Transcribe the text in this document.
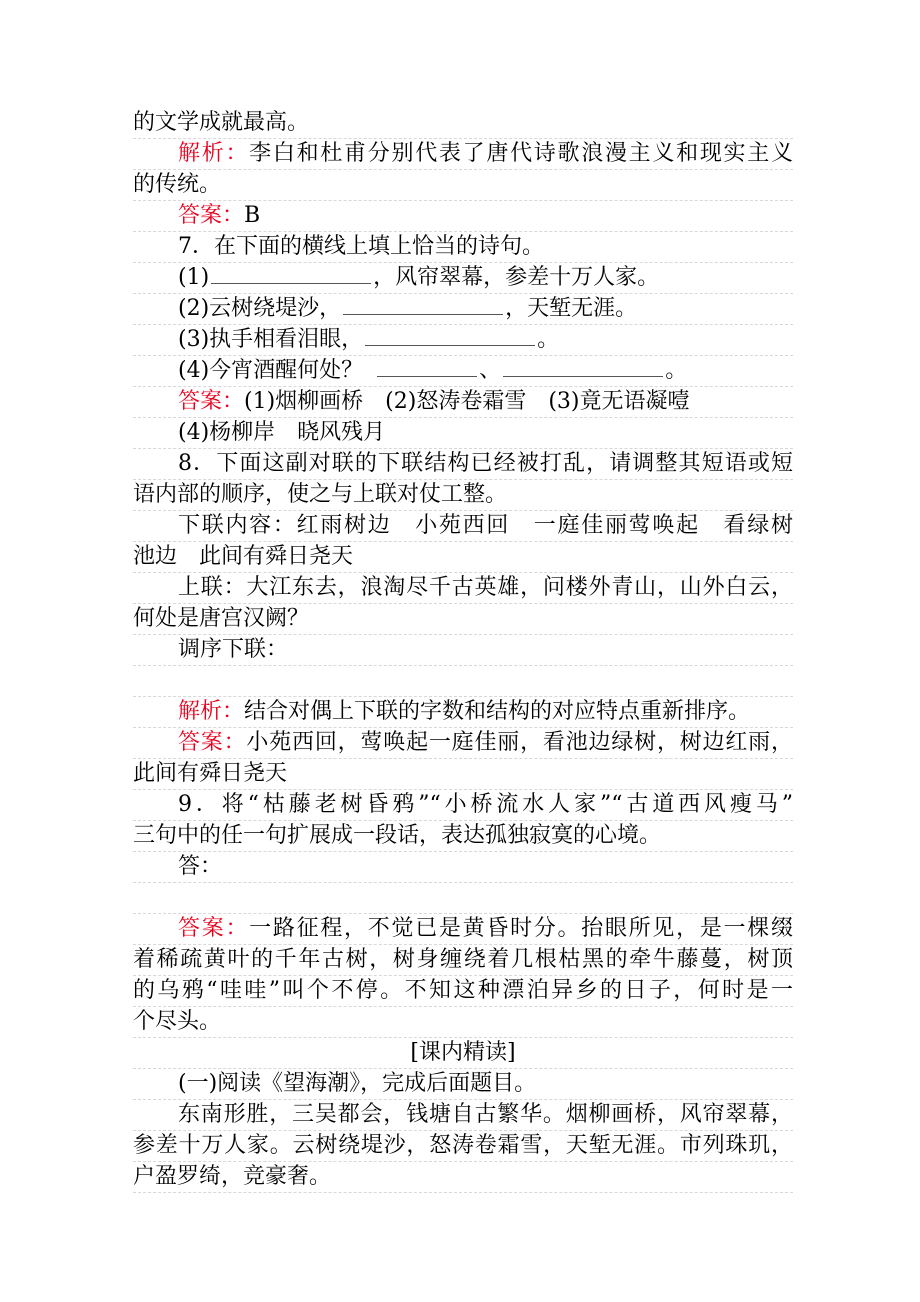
的文学成就最高。
解析：李白和杜甫分别代表了唐代诗歌浪漫主义和现实主义
的传统。
答案：B
7．在下面的横线上填上恰当的诗句。
(1)	，风帘翠幕，参差十万人家。
(2)云树绕堤沙，	，天堑无涯。
(3)执手相看泪眼，	。
(4)今宵酒醒何处？	、	。
答案：(1)烟柳画桥　(2)怒涛卷霜雪　(3)竟无语凝噎
(4)杨柳岸　晓风残月
8．下面这副对联的下联结构已经被打乱，请调整其短语或短
语内部的顺序，使之与上联对仗工整。
下联内容：红雨树边　小苑西回　一庭佳丽莺唤起　看绿树
池边　此间有舜日尧天
上联：大江东去，浪淘尽千古英雄，问楼外青山，山外白云，
何处是唐宫汉阙？
调序下联：
解析：结合对偶上下联的字数和结构的对应特点重新排序。
答案：小苑西回，莺唤起一庭佳丽，看池边绿树，树边红雨，
此间有舜日尧天
9．将“枯藤老树昏鸦”“小桥流水人家”“古道西风瘦马”
三句中的任一句扩展成一段话，表达孤独寂寞的心境。
答：
答案：一路征程，不觉已是黄昏时分。抬眼所见，是一棵缀
着稀疏黄叶的千年古树，树身缠绕着几根枯黑的牵牛藤蔓，树顶
的乌鸦“哇哇”叫个不停。不知这种漂泊异乡的日子，何时是一
个尽头。
[课内精读]
(一)阅读《望海潮》，完成后面题目。
东南形胜，三吴都会，钱塘自古繁华。烟柳画桥，风帘翠幕，
参差十万人家。云树绕堤沙，怒涛卷霜雪，天堑无涯。市列珠玑，
户盈罗绮，竞豪奢。
